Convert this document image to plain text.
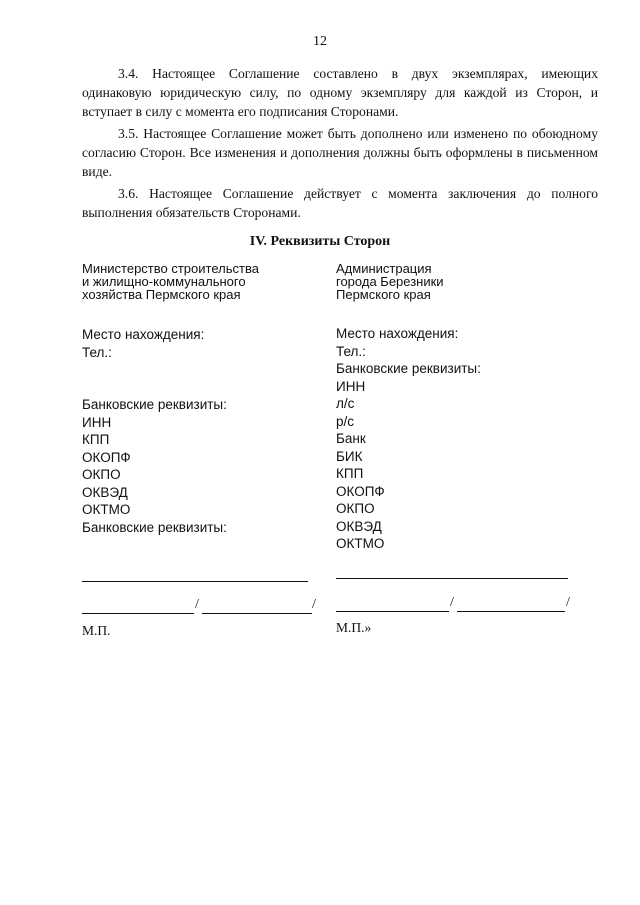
12

3.4. Настоящее Соглашение составлено в двух экземплярах, имеющих одинаковую юридическую силу, по одному экземпляру для каждой из Сторон, и вступает в силу с момента его подписания Сторонами.

3.5. Настоящее Соглашение может быть дополнено или изменено по обоюдному согласию Сторон. Все изменения и дополнения должны быть оформлены в письменном виде.

3.6. Настоящее Соглашение действует с момента заключения до полного выполнения обязательств Сторонами.

IV. Реквизиты Сторон
Министерство строительства
и жилищно-коммунального
хозяйства Пермского края
Место нахождения:
Тел.:
Банковские реквизиты:
ИНН
КПП
ОКОПФ
ОКПО
ОКВЭД
ОКТМО
Банковские реквизиты:
Администрация
города Березники
Пермского края
Место нахождения:
Тел.:
Банковские реквизиты:
ИНН
л/с
р/с
Банк
БИК
КПП
ОКОПФ
ОКПО
ОКВЭД
ОКТМО
/	/
М.П.
/	/
М.П.»
